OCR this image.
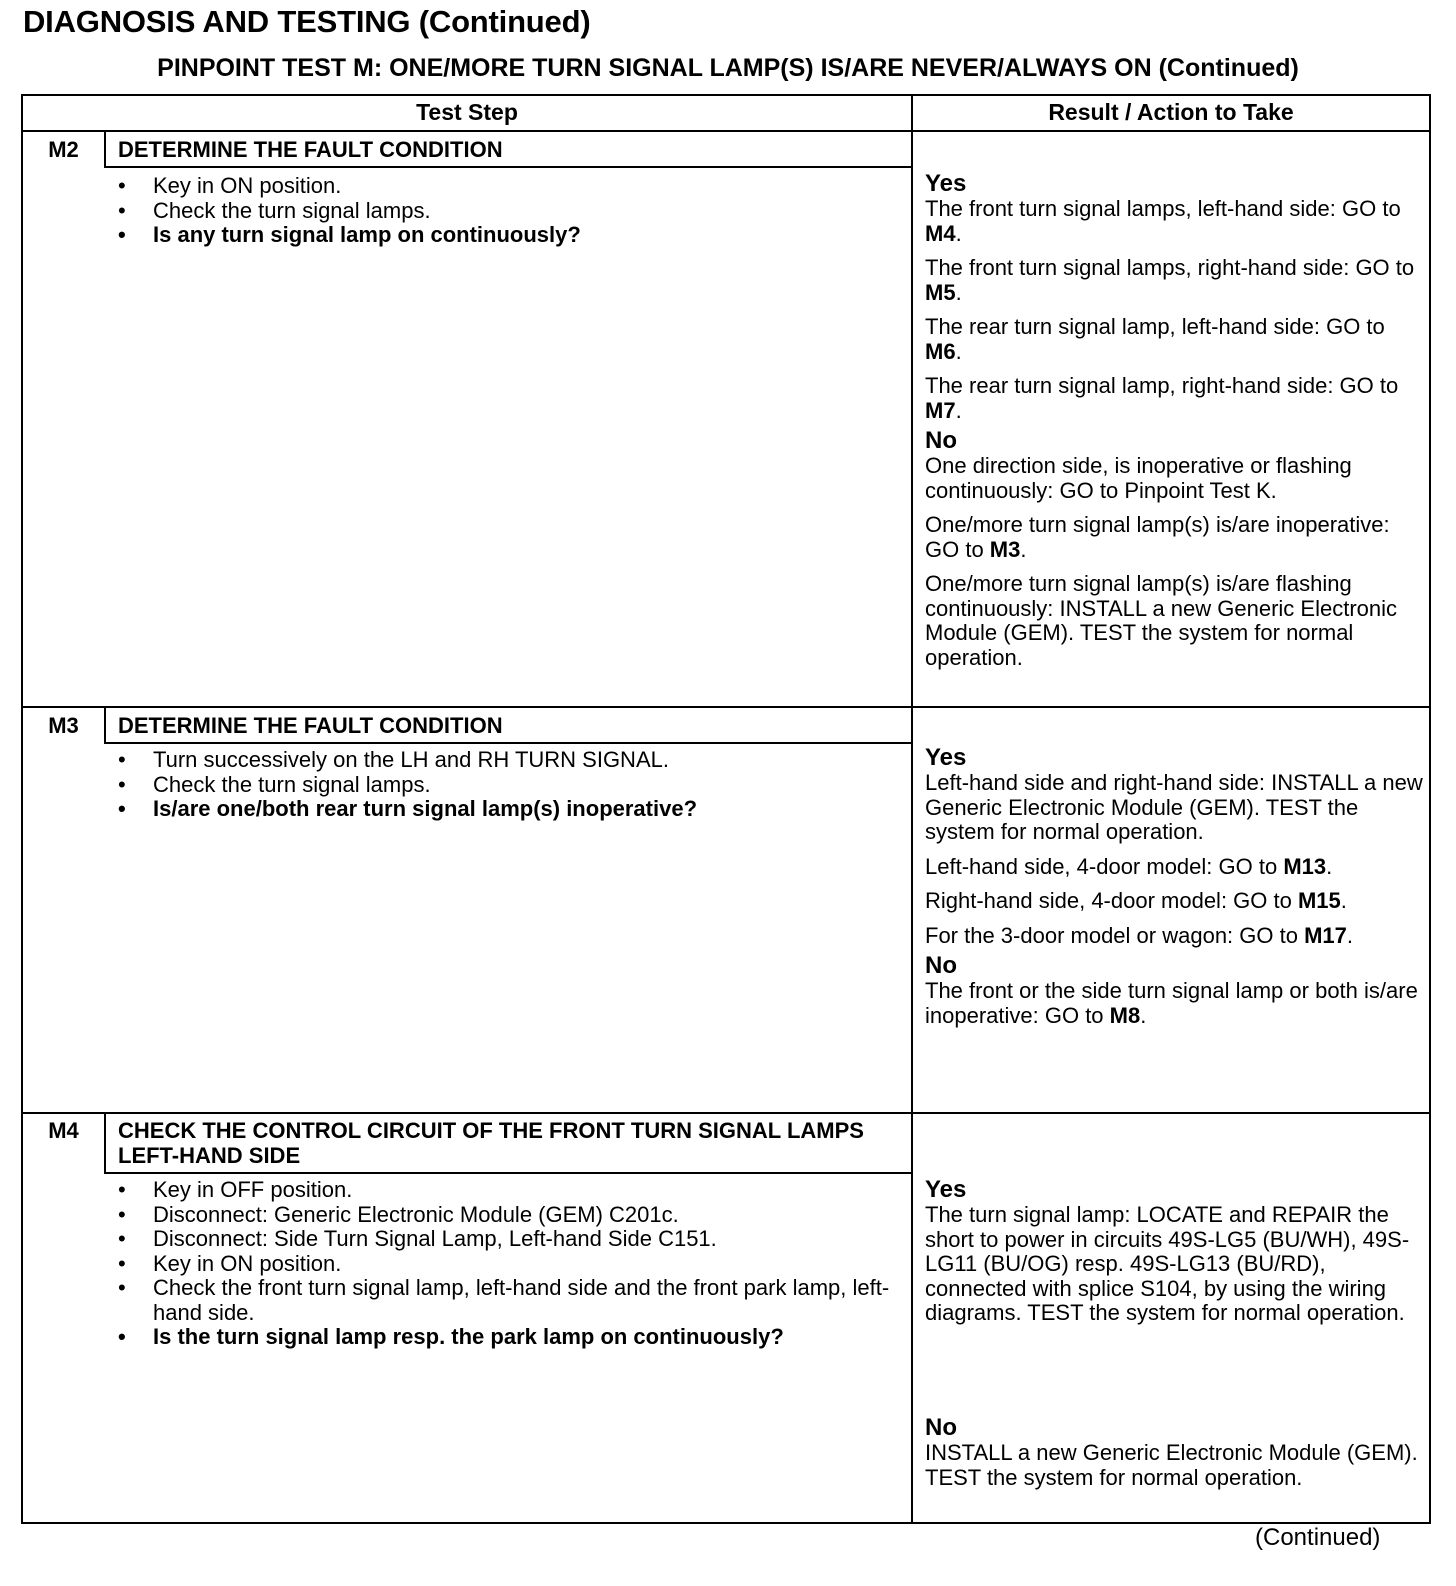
DIAGNOSIS AND TESTING (Continued)
PINPOINT TEST M: ONE/MORE TURN SIGNAL LAMP(S) IS/ARE NEVER/ALWAYS ON (Continued)
Test Step	Result / Action to Take
M2	DETERMINE THE FAULT CONDITION
• Key in ON position.
• Check the turn signal lamps.
• Is any turn signal lamp on continuously?
Yes

The front turn signal lamps, left-hand side: GO to M4.

The front turn signal lamps, right-hand side: GO to M5.

The rear turn signal lamp, left-hand side: GO to M6.

The rear turn signal lamp, right-hand side: GO to M7.

No

One direction side, is inoperative or flashing continuously: GO to Pinpoint Test K.

One/more turn signal lamp(s) is/are inoperative: GO to M3.

One/more turn signal lamp(s) is/are flashing continuously: INSTALL a new Generic Electronic Module (GEM). TEST the system for normal operation.

M3	DETERMINE THE FAULT CONDITION
• Turn successively on the LH and RH TURN SIGNAL.
• Check the turn signal lamps.
• Is/are one/both rear turn signal lamp(s) inoperative?
Yes

Left-hand side and right-hand side: INSTALL a new Generic Electronic Module (GEM). TEST the system for normal operation.

Left-hand side, 4-door model: GO to M13.

Right-hand side, 4-door model: GO to M15.

For the 3-door model or wagon: GO to M17.

No

The front or the side turn signal lamp or both is/are inoperative: GO to M8.

M4	CHECK THE CONTROL CIRCUIT OF THE FRONT TURN SIGNAL LAMPS LEFT-HAND SIDE
• Key in OFF position.
• Disconnect: Generic Electronic Module (GEM) C201c.
• Disconnect: Side Turn Signal Lamp, Left-hand Side C151.
• Key in ON position.
• Check the front turn signal lamp, left-hand side and the front park lamp, left-hand side.
• Is the turn signal lamp resp. the park lamp on continuously?
Yes

The turn signal lamp: LOCATE and REPAIR the short to power in circuits 49S-LG5 (BU/WH), 49S-LG11 (BU/OG) resp. 49S-LG13 (BU/RD), connected with splice S104, by using the wiring diagrams. TEST the system for normal operation.

No

INSTALL a new Generic Electronic Module (GEM). TEST the system for normal operation.

(Continued)
